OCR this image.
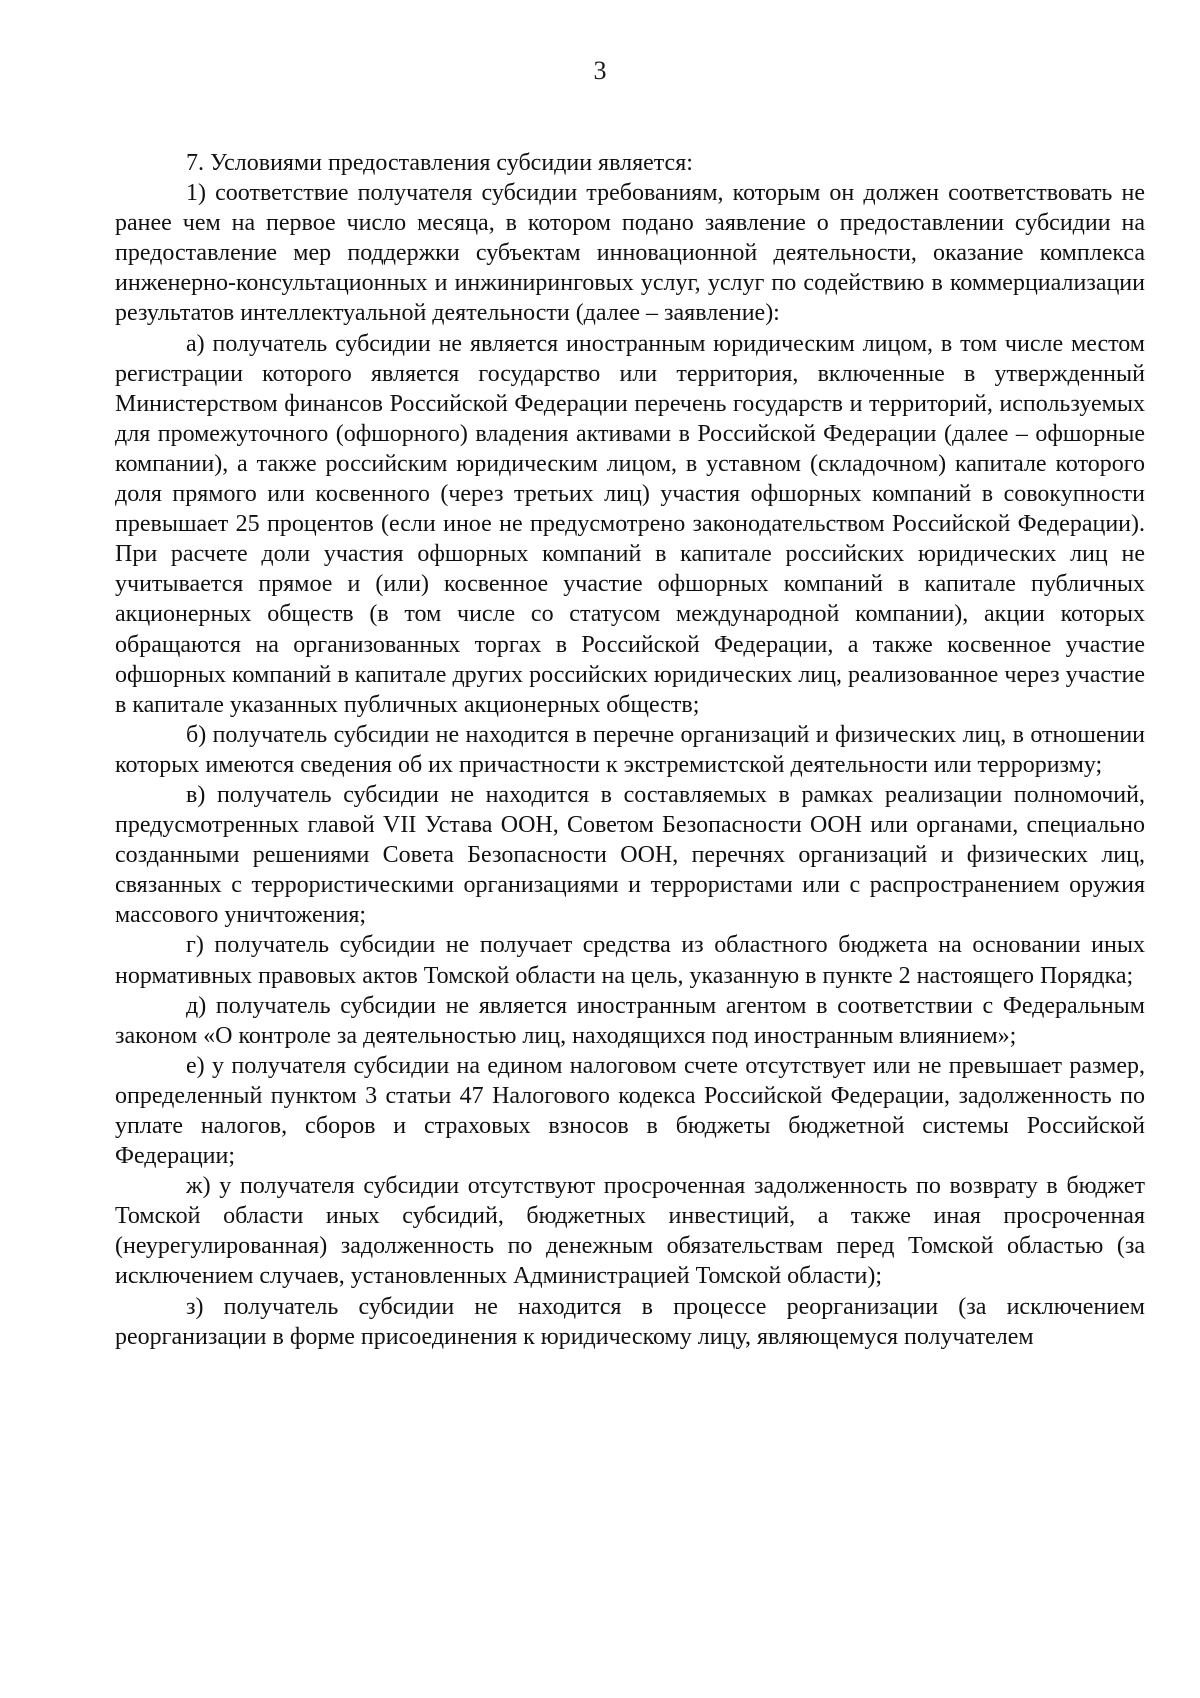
3

7. Условиями предоставления субсидии является:

1) соответствие получателя субсидии требованиям, которым он должен соответствовать не ранее чем на первое число месяца, в котором подано заявление о предоставлении субсидии на предоставление мер поддержки субъектам инновационной деятельности, оказание комплекса инженерно-консультационных и инжиниринговых услуг, услуг по содействию в коммерциализации результатов интеллектуальной деятельности (далее – заявление):

а) получатель субсидии не является иностранным юридическим лицом, в том числе местом регистрации которого является государство или территория, включенные в утвержденный Министерством финансов Российской Федерации перечень государств и территорий, используемых для промежуточного (офшорного) владения активами в Российской Федерации (далее – офшорные компании), а также российским юридическим лицом, в уставном (складочном) капитале которого доля прямого или косвенного (через третьих лиц) участия офшорных компаний в совокупности превышает 25 процентов (если иное не предусмотрено законодательством Российской Федерации). При расчете доли участия офшорных компаний в капитале российских юридических лиц не учитывается прямое и (или) косвенное участие офшорных компаний в капитале публичных акционерных обществ (в том числе со статусом международной компании), акции которых обращаются на организованных торгах в Российской Федерации, а также косвенное участие офшорных компаний в капитале других российских юридических лиц, реализованное через участие в капитале указанных публичных акционерных обществ;

б) получатель субсидии не находится в перечне организаций и физических лиц, в отношении которых имеются сведения об их причастности к экстремистской деятельности или терроризму;

в) получатель субсидии не находится в составляемых в рамках реализации полномочий, предусмотренных главой VII Устава ООН, Советом Безопасности ООН или органами, специально созданными решениями Совета Безопасности ООН, перечнях организаций и физических лиц, связанных с террористическими организациями и террористами или с распространением оружия массового уничтожения;

г) получатель субсидии не получает средства из областного бюджета на основании иных нормативных правовых актов Томской области на цель, указанную в пункте 2 настоящего Порядка;

д) получатель субсидии не является иностранным агентом в соответствии с Федеральным законом «О контроле за деятельностью лиц, находящихся под иностранным влиянием»;

е) у получателя субсидии на едином налоговом счете отсутствует или не превышает размер, определенный пунктом 3 статьи 47 Налогового кодекса Российской Федерации, задолженность по уплате налогов, сборов и страховых взносов в бюджеты бюджетной системы Российской Федерации;

ж) у получателя субсидии отсутствуют просроченная задолженность по возврату в бюджет Томской области иных субсидий, бюджетных инвестиций, а также иная просроченная (неурегулированная) задолженность по денежным обязательствам перед Томской областью (за исключением случаев, установленных Администрацией Томской области);

з) получатель субсидии не находится в процессе реорганизации (за исключением реорганизации в форме присоединения к юридическому лицу, являющемуся получателем
